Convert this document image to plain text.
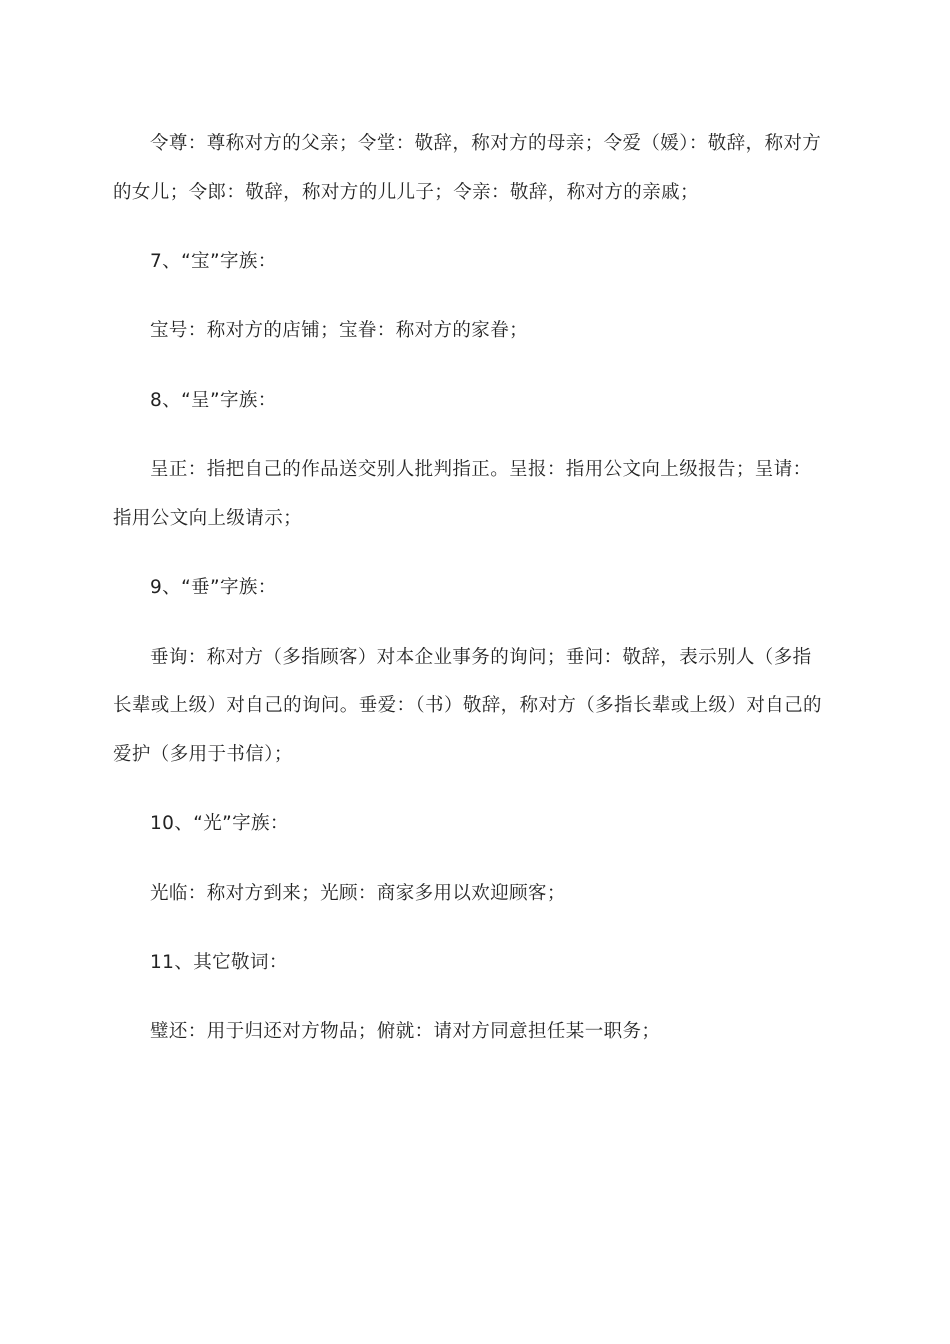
令尊：尊称对方的父亲；令堂：敬辞，称对方的母亲；令爱（媛）：敬辞，称对方的女儿；令郎：敬辞，称对方的儿儿子；令亲：敬辞，称对方的亲戚；

7、“宝”字族：

宝号：称对方的店铺；宝眷：称对方的家眷；

8、“呈”字族：

呈正：指把自己的作品送交别人批判指正。呈报：指用公文向上级报告；呈请：指用公文向上级请示；

9、“垂”字族：

垂询：称对方（多指顾客）对本企业事务的询问；垂问：敬辞，表示别人（多指长辈或上级）对自己的询问。垂爱：（书）敬辞，称对方（多指长辈或上级）对自己的爱护（多用于书信）；

10、“光”字族：

光临：称对方到来；光顾：商家多用以欢迎顾客；

11、其它敬词：

璧还：用于归还对方物品；俯就：请对方同意担任某一职务；
